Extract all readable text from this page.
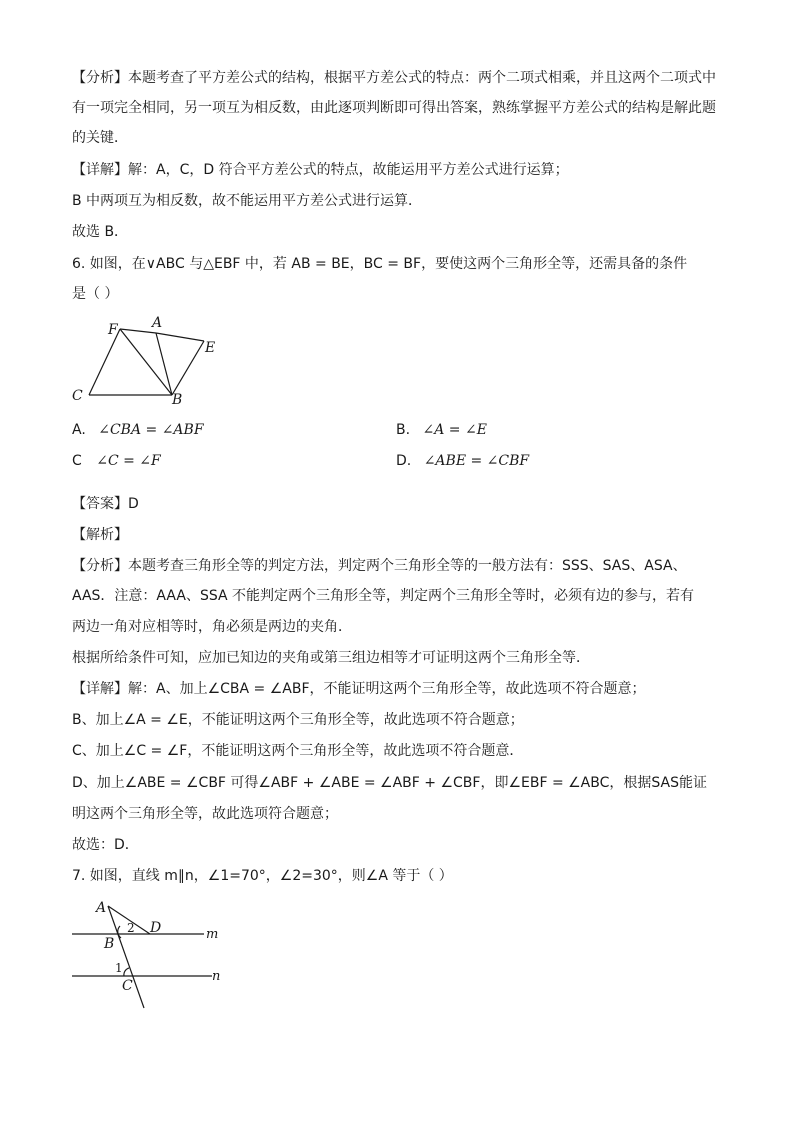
【分析】本题考查了平方差公式的结构，根据平方差公式的特点：两个二项式相乘，并且这两个二项式中
有一项完全相同，另一项互为相反数，由此逐项判断即可得出答案，熟练掌握平方差公式的结构是解此题
的关键．
【详解】解：A，C，D 符合平方差公式的特点，故能运用平方差公式进行运算；
B 中两项互为相反数，故不能运用平方差公式进行运算．
故选 B．
6. 如图，在∨ABC 与△EBF 中，若 AB = BE，BC = BF，要使这两个三角形全等，还需具备的条件
是（ ）
F A
E
C	B
A. ∠CBA = ∠ABF	B. ∠A = ∠E
C ∠C = ∠F	D. ∠ABE = ∠CBF
【答案】D
【解析】
【分析】本题考查三角形全等的判定方法，判定两个三角形全等的一般方法有：SSS、SAS、ASA、
AAS．注意：AAA、SSA 不能判定两个三角形全等，判定两个三角形全等时，必须有边的参与，若有
两边一角对应相等时，角必须是两边的夹角．
根据所给条件可知，应加已知边的夹角或第三组边相等才可证明这两个三角形全等．
【详解】解：A、加上∠CBA = ∠ABF，不能证明这两个三角形全等，故此选项不符合题意；
B、加上∠A = ∠E，不能证明这两个三角形全等，故此选项不符合题意；
C、加上∠C = ∠F，不能证明这两个三角形全等，故此选项不符合题意．
D、加上∠ABE = ∠CBF 可得∠ABF + ∠ABE = ∠ABF + ∠CBF，即∠EBF = ∠ABC，根据SAS能证
明这两个三角形全等，故此选项符合题意；
故选：D．
7. 如图，直线 m∥n，∠1=70°，∠2=30°，则∠A 等于（ ）
A
D
B
m
n
2
1
C
